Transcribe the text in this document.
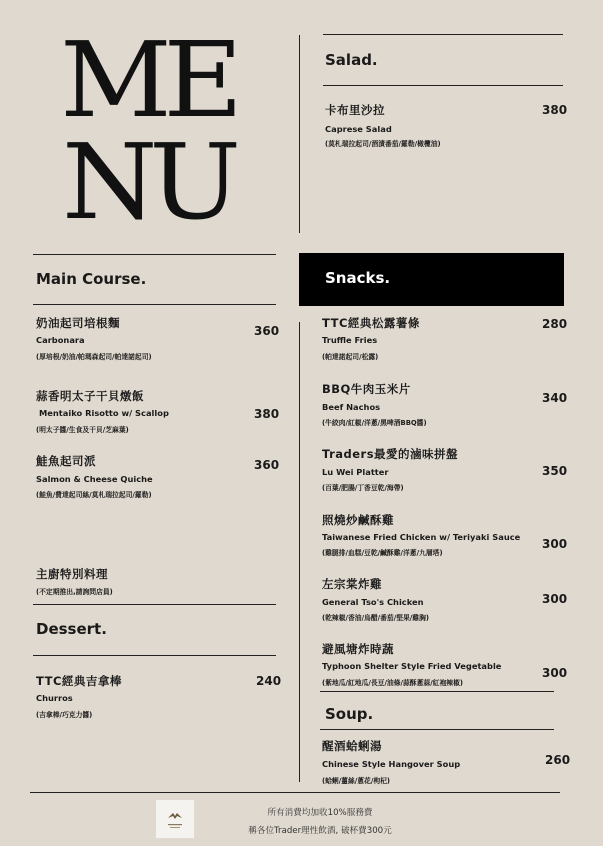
ME
NU
Salad.
卡布里沙拉
Caprese Salad
(莫札瑞拉起司/酒漬番茄/羅勒/橄欖油)
380
Main Course.
奶油起司培根麵
Carbonara
(厚培根/奶油/帕瑪森起司/帕達諾起司)
360
蒜香明太子干貝燉飯
Mentaiko Risotto w/ Scallop
(明太子醬/生食及干貝/芝麻葉)
380
鮭魚起司派
Salmon & Cheese Quiche
(鮭魚/費達起司絲/莫札瑞拉起司/羅勒)
360
主廚特別料理
(不定期推出,請詢問店員)
Dessert.
TTC經典吉拿棒
Churros
(吉拿棒/巧克力醬)
240
Snacks.
TTC經典松露薯條
Truffle Fries
(帕達諾起司/松露)
280
BBQ牛肉玉米片
Beef Nachos
(牛絞肉/紅椒/洋蔥/黑啤酒BBQ醬)
340
Traders最愛的滷味拼盤
Lu Wei Platter
(百葉/肥腸/丁香豆乾/海帶)
350
照燒炒鹹酥雞
Taiwanese Fried Chicken w/ Teriyaki Sauce
(雞腿排/血糕/豆乾/鹹酥雞/洋蔥/九層塔)
300
左宗棠炸雞
General Tso's Chicken
(乾辣椒/香油/烏醋/番茄/堅果/雞胸)
300
避風塘炸時蔬
Typhoon Shelter Style Fried Vegetable
(紫地瓜/紅地瓜/長豆/油條/蒜酥蔥蒜/紅袍辣椒)
300
Soup.
醒酒蛤蜊湯
Chinese Style Hangover Soup
(蛤蜊/薑絲/蔥花/枸杞)
260
所有消費均加收10%服務費
稱各位Trader理性飲酒, 破杯費300元
